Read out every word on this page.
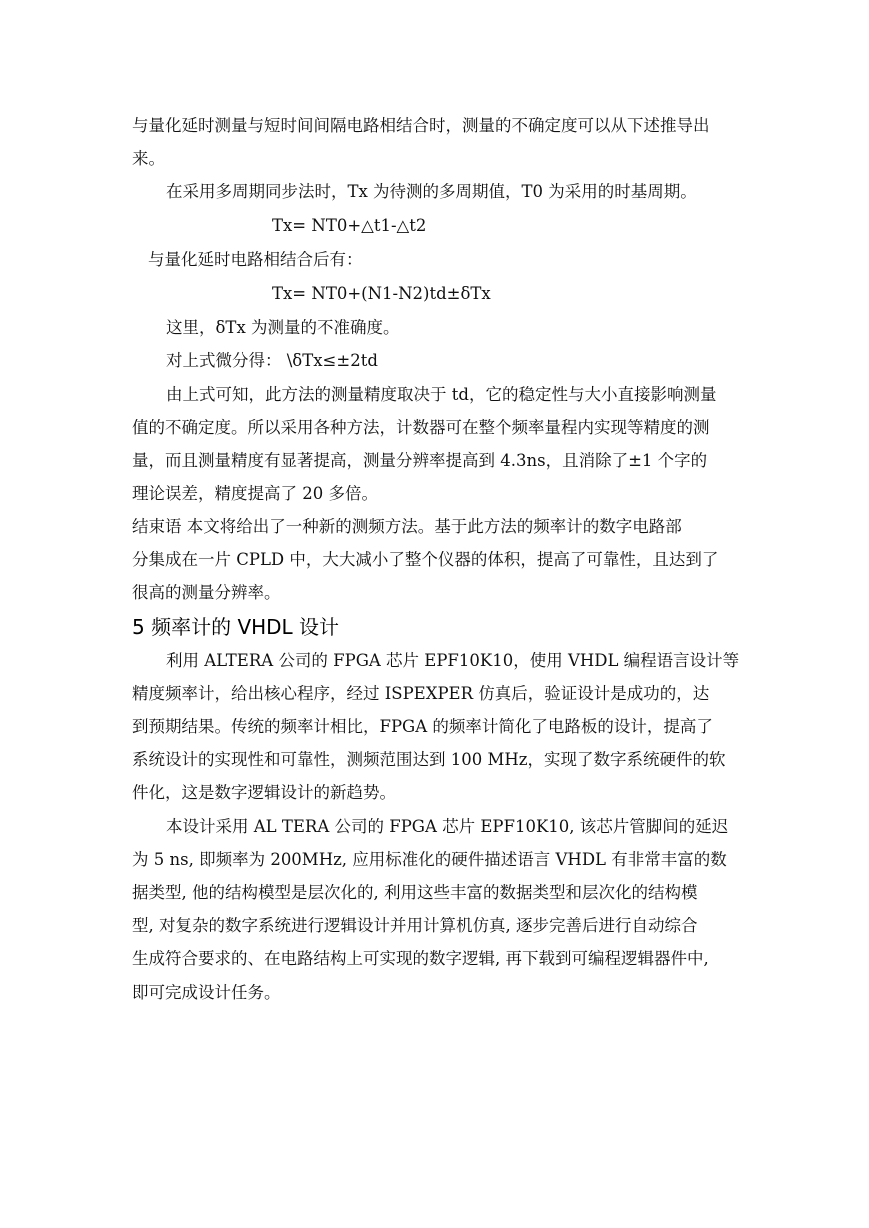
与量化延时测量与短时间间隔电路相结合时，测量的不确定度可以从下述推导出
来。
在采用多周期同步法时，Tx 为待测的多周期值，T0 为采用的时基周期。
Tx= NT0+△t1-△t2
与量化延时电路相结合后有：
Tx= NT0+(N1-N2)td±δTx
这里，δTx 为测量的不准确度。
对上式微分得： \δTx≤±2td
由上式可知，此方法的测量精度取决于 td，它的稳定性与大小直接影响测量
值的不确定度。所以采用各种方法，计数器可在整个频率量程内实现等精度的测
量，而且测量精度有显著提高，测量分辨率提高到 4.3ns，且消除了±1 个字的
理论误差，精度提高了 20 多倍。
结束语 本文将给出了一种新的测频方法。基于此方法的频率计的数字电路部
分集成在一片 CPLD 中，大大减小了整个仪器的体积，提高了可靠性，且达到了
很高的测量分辨率。
5 频率计的 VHDL 设计
利用 ALTERA 公司的 FPGA 芯片 EPF10K10，使用 VHDL 编程语言设计等
精度频率计，给出核心程序，经过 ISPEXPER 仿真后，验证设计是成功的，达
到预期结果。传统的频率计相比，FPGA 的频率计简化了电路板的设计，提高了
系统设计的实现性和可靠性，测频范围达到 100 MHz，实现了数字系统硬件的软
件化，这是数字逻辑设计的新趋势。
本设计采用 AL TERA 公司的 FPGA 芯片 EPF10K10, 该芯片管脚间的延迟
为 5 ns, 即频率为 200MHz, 应用标准化的硬件描述语言 VHDL 有非常丰富的数
据类型, 他的结构模型是层次化的, 利用这些丰富的数据类型和层次化的结构模
型, 对复杂的数字系统进行逻辑设计并用计算机仿真, 逐步完善后进行自动综合
生成符合要求的、在电路结构上可实现的数字逻辑, 再下载到可编程逻辑器件中,
即可完成设计任务。
